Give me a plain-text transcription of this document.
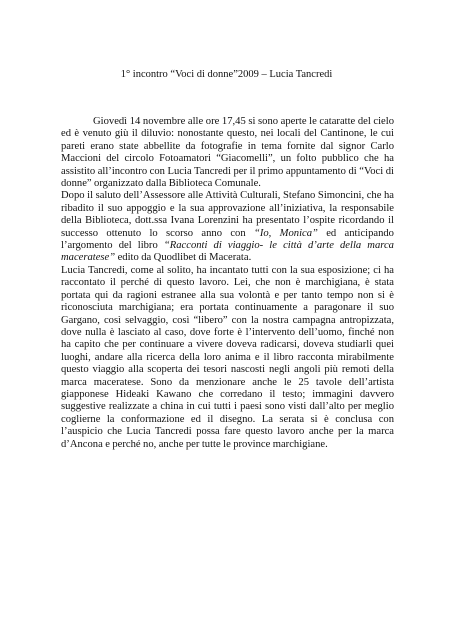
1° incontro “Voci di donne”2009 – Lucia Tancredi

Giovedì 14 novembre alle ore 17,45 si sono aperte le cataratte del cielo ed è venuto giù il diluvio: nonostante questo, nei locali del Cantinone, le cui pareti erano state abbellite da fotografie in tema fornite dal signor Carlo Maccioni del circolo Fotoamatori “Giacomelli”, un folto pubblico che ha assistito all’incontro con Lucia Tancredi per il primo appuntamento di “Voci di donne” organizzato dalla Biblioteca Comunale.

Dopo il saluto dell’Assessore alle Attività Culturali, Stefano Simoncini, che ha ribadito il suo appoggio e la sua approvazione all’iniziativa, la responsabile della Biblioteca, dott.ssa Ivana Lorenzini ha presentato l’ospite ricordando il successo ottenuto lo scorso anno con “Io, Monica” ed anticipando l’argomento del libro “Racconti di viaggio- le città d’arte della marca maceratese” edito da Quodlibet di Macerata.

Lucia Tancredi, come al solito, ha incantato tutti con la sua esposizione; ci ha raccontato il perché di questo lavoro. Lei, che non è marchigiana, è stata portata qui da ragioni estranee alla sua volontà e per tanto tempo non si è riconosciuta marchigiana; era portata continuamente a paragonare il suo Gargano, così selvaggio, così “libero” con la nostra campagna antropizzata, dove nulla è lasciato al caso, dove forte è l’intervento dell’uomo, finché non ha capito che per continuare a vivere doveva radicarsi, doveva studiarli quei luoghi, andare alla ricerca della loro anima e il libro racconta mirabilmente questo viaggio alla scoperta dei tesori nascosti negli angoli più remoti della marca maceratese. Sono da menzionare anche le 25 tavole dell’artista giapponese Hideaki Kawano che corredano il testo; immagini davvero suggestive realizzate a china in cui tutti i paesi sono visti dall’alto per meglio coglierne la conformazione ed il disegno. La serata si è conclusa con l’auspicio che Lucia Tancredi possa fare questo lavoro anche per la marca d’Ancona e perché no, anche per tutte le province marchigiane.
